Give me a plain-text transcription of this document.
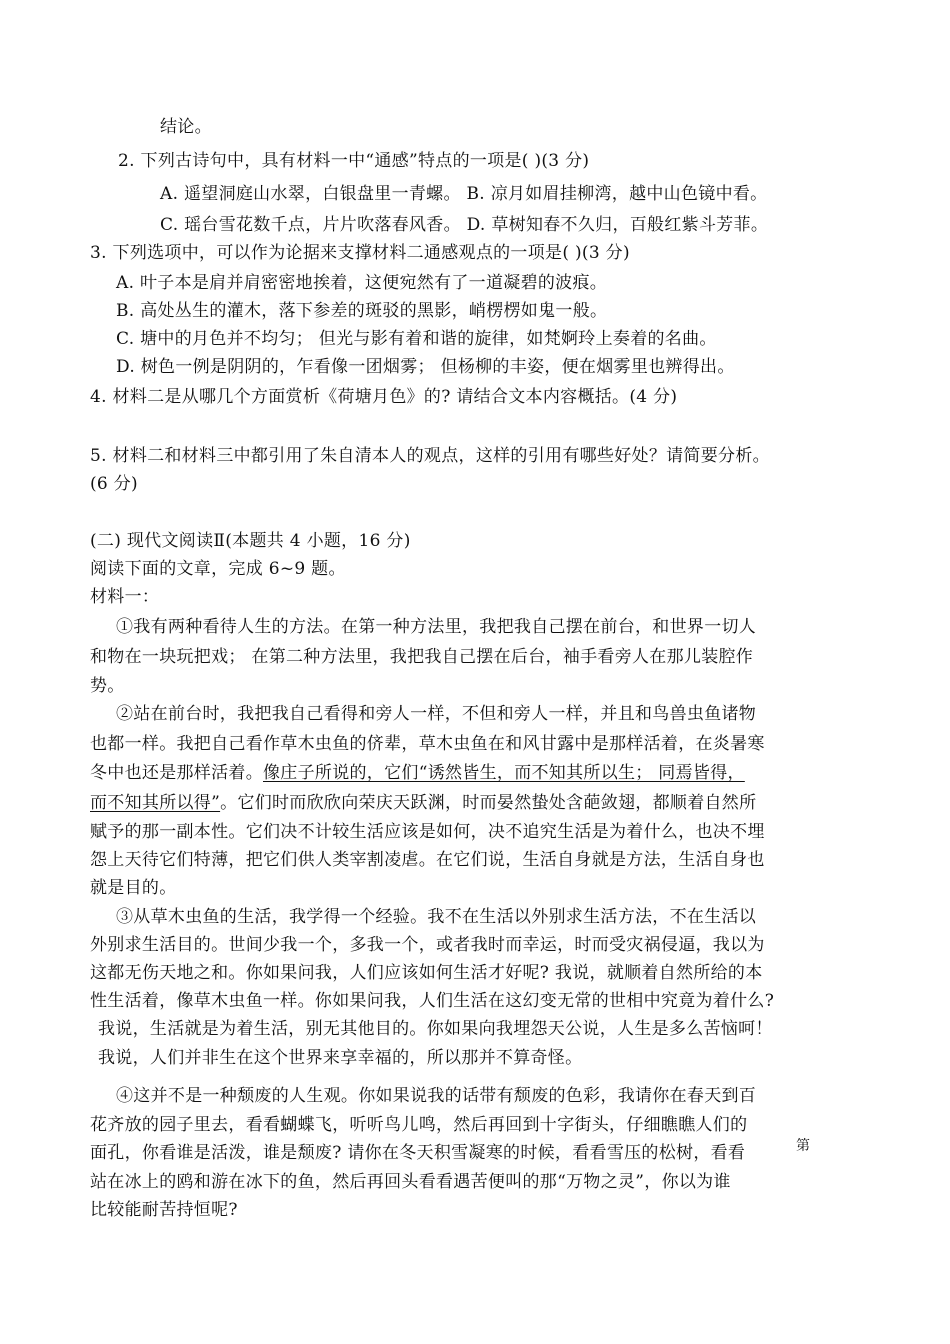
结论。
2. 下列古诗句中，具有材料一中“通感”特点的一项是( )(3 分)
A. 遥望洞庭山水翠，白银盘里一青螺。 B. 凉月如眉挂柳湾，越中山色镜中看。
C. 瑶台雪花数千点，片片吹落春风香。 D. 草树知春不久归，百般红紫斗芳菲。
3. 下列选项中，可以作为论据来支撑材料二通感观点的一项是( )(3 分)
A. 叶子本是肩并肩密密地挨着，这便宛然有了一道凝碧的波痕。
B. 高处丛生的灌木，落下参差的斑驳的黑影，峭楞楞如鬼一般。
C. 塘中的月色并不均匀； 但光与影有着和谐的旋律，如梵婀玲上奏着的名曲。
D. 树色一例是阴阴的，乍看像一团烟雾； 但杨柳的丰姿，便在烟雾里也辨得出。
4. 材料二是从哪几个方面赏析《荷塘月色》的? 请结合文本内容概括。(4 分)
5. 材料二和材料三中都引用了朱自清本人的观点，这样的引用有哪些好处？请简要分析。
(6 分)
(二) 现代文阅读Ⅱ(本题共 4 小题，16 分)
阅读下面的文章，完成 6~9 题。
材料一：
①我有两种看待人生的方法。在第一种方法里，我把我自己摆在前台，和世界一切人
和物在一块玩把戏； 在第二种方法里，我把我自己摆在后台，袖手看旁人在那儿装腔作
势。
②站在前台时，我把我自己看得和旁人一样，不但和旁人一样，并且和鸟兽虫鱼诸物
也都一样。我把自己看作草木虫鱼的侪辈，草木虫鱼在和风甘露中是那样活着，在炎暑寒
冬中也还是那样活着。像庄子所说的，它们“诱然皆生，而不知其所以生； 同焉皆得，
而不知其所以得”。它们时而欣欣向荣庆天跃渊，时而晏然蛰处含葩敛翅，都顺着自然所
赋予的那一副本性。它们决不计较生活应该是如何，决不追究生活是为着什么，也决不埋
怨上天待它们特薄，把它们供人类宰割凌虐。在它们说，生活自身就是方法，生活自身也
就是目的。
③从草木虫鱼的生活，我学得一个经验。我不在生活以外别求生活方法，不在生活以
外别求生活目的。世间少我一个，多我一个，或者我时而幸运，时而受灾祸侵逼，我以为
这都无伤天地之和。你如果问我，人们应该如何生活才好呢? 我说，就顺着自然所给的本
性生活着，像草木虫鱼一样。你如果问我，人们生活在这幻变无常的世相中究竟为着什么?
我说，生活就是为着生活，别无其他目的。你如果向我埋怨天公说，人生是多么苦恼呵！
我说，人们并非生在这个世界来享幸福的，所以那并不算奇怪。
④这并不是一种颓废的人生观。你如果说我的话带有颓废的色彩，我请你在春天到百
花齐放的园子里去，看看蝴蝶飞，听听鸟儿鸣，然后再回到十字街头，仔细瞧瞧人们的
面孔，你看谁是活泼，谁是颓废? 请你在冬天积雪凝寒的时候，看看雪压的松树，看看
站在冰上的鸥和游在冰下的鱼，然后再回头看看遇苦便叫的那“万物之灵”，你以为谁
比较能耐苦持恒呢?
第
